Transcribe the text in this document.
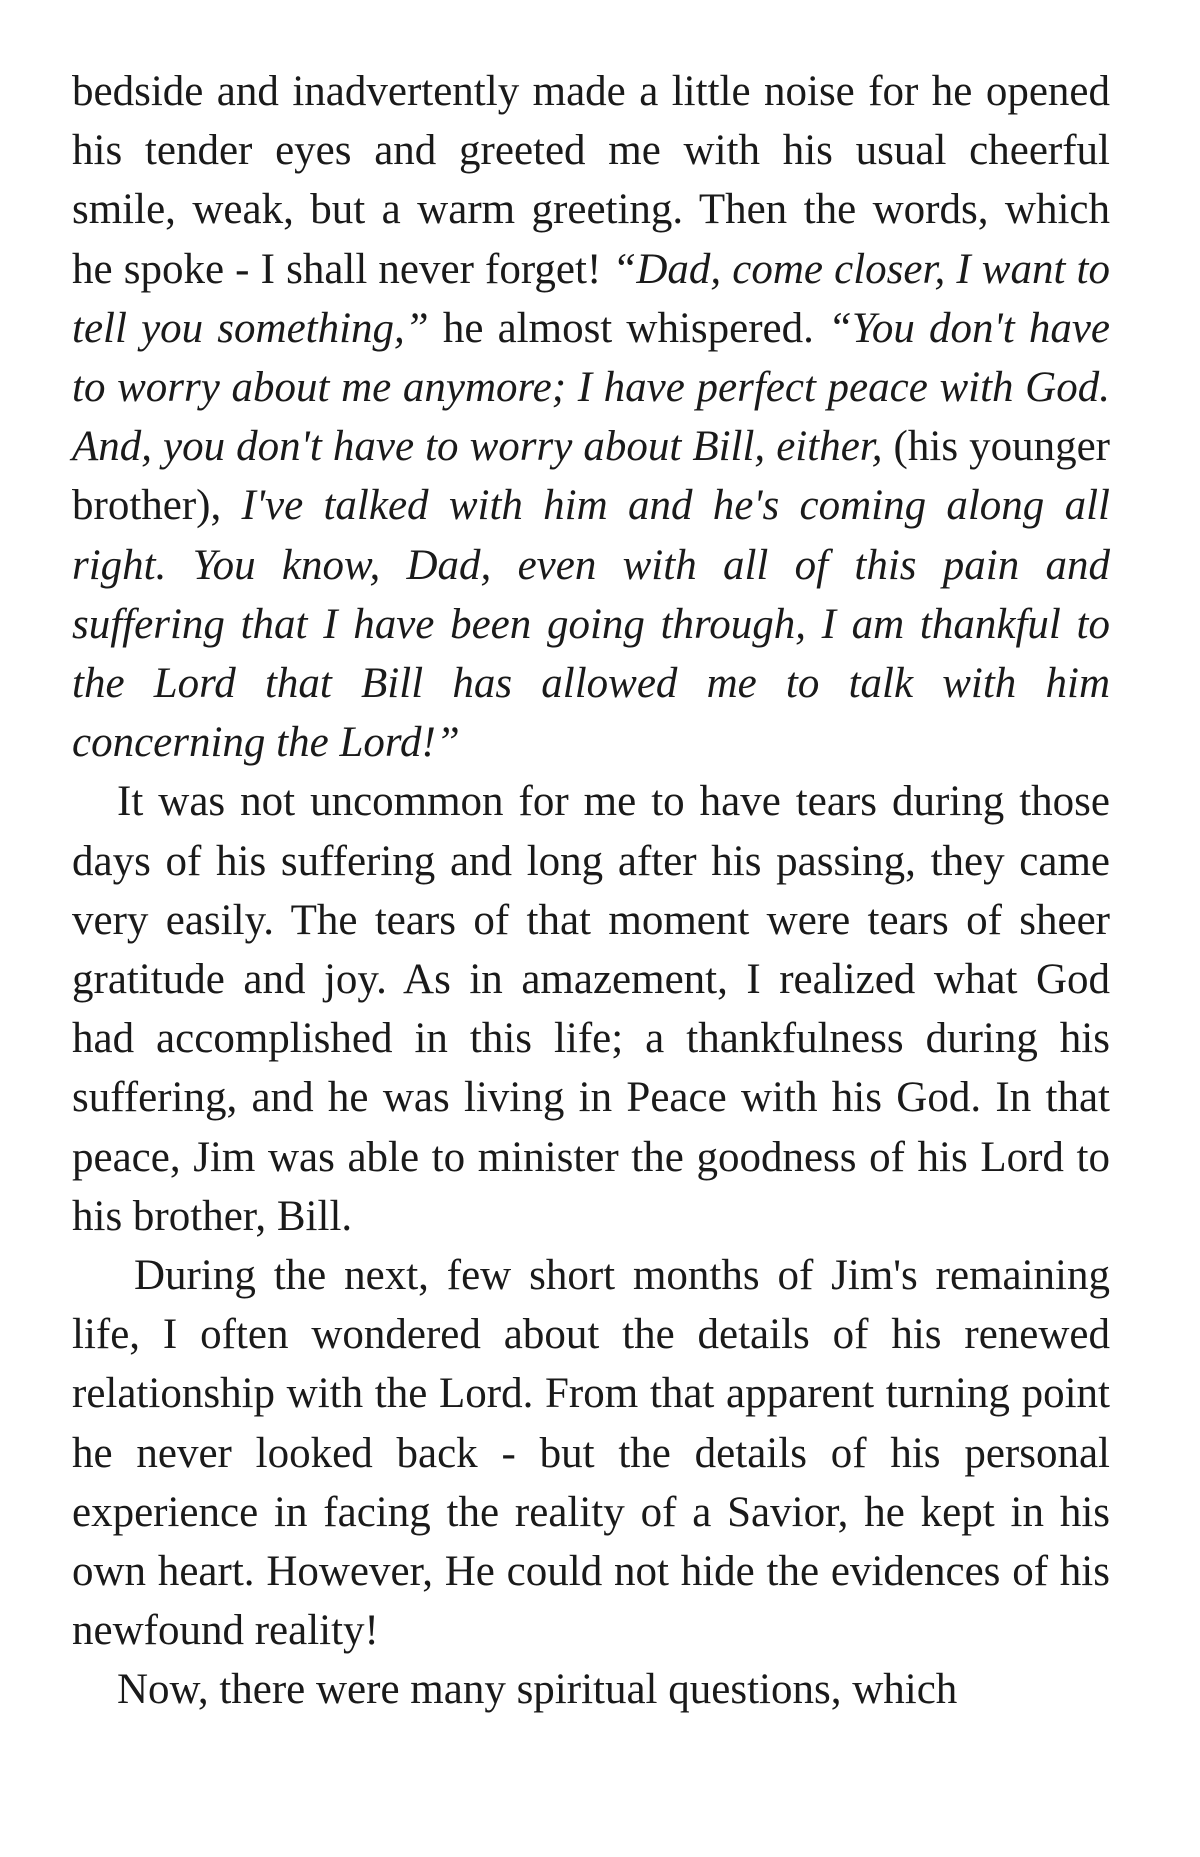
bedside and inadvertently made a little noise for he opened his tender eyes and greeted me with his usual cheerful smile, weak, but a warm greeting. Then the words, which he spoke - I shall never forget! “Dad, come closer, I want to tell you something,” he almost whispered. “You don't have to worry about me anymore; I have perfect peace with God. And, you don't have to worry about Bill, either, (his younger brother), I've talked with him and he's coming along all right. You know, Dad, even with all of this pain and suffering that I have been going through, I am thankful to the Lord that Bill has allowed me to talk with him concerning the Lord!”

It was not uncommon for me to have tears during those days of his suffering and long after his passing, they came very easily. The tears of that moment were tears of sheer gratitude and joy. As in amazement, I realized what God had accomplished in this life; a thankfulness during his suffering, and he was living in Peace with his God. In that peace, Jim was able to minister the goodness of his Lord to his brother, Bill.

During the next, few short months of Jim's remaining life, I often wondered about the details of his renewed relationship with the Lord. From that apparent turning point he never looked back - but the details of his personal experience in facing the reality of a Savior, he kept in his own heart. However, He could not hide the evidences of his newfound reality!

Now, there were many spiritual questions, which
